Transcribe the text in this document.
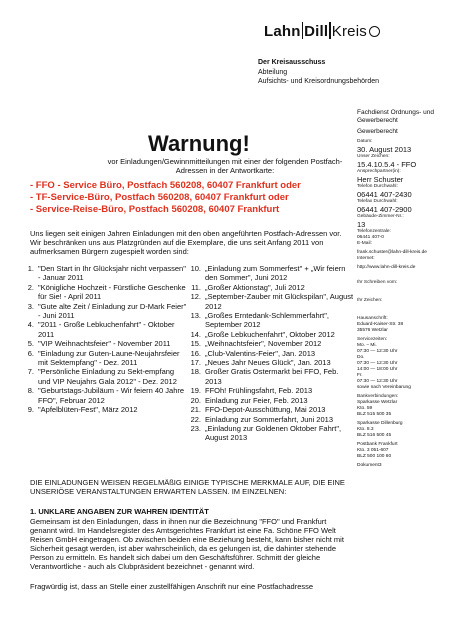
Lahn Dill Kreis
Der Kreisausschuss
Abteilung
Aufsichts- und Kreisordnungsbehörden
Fachdienst Ordnungs- und Gewerberecht
Gewerberecht
Datum:
30. August 2013
Unser Zeichen:
15.4.10.5.4 - FFO
Ansprechpartner(in):
Herr Schuster
Telefon Durchwahl:
06441 407-2430
Telefax Durchwahl:
06441 407-2900
Gebäude-Zimmer-Nr.:
13
Telefonzentrale:
06441 407-0
E-Mail:
frank.schuster@lahn-dill-kreis.de
Internet:
http://www.lahn-dill-kreis.de
Ihr Schreiben vom:
Ihr Zeichen:
Hausanschrift:
Eduard-Kaiser-Str. 38
35576 Wetzlar
Servicezeiten:
Mo. – Mi.
07:30 — 12:30 Uhr
Do.
07:30 — 12:30 Uhr
14:00 — 18:00 Uhr
Fr.
07:30 — 12:30 Uhr
sowie nach Vereinbarung
Bankverbindungen:
Sparkasse Wetzlar
Kto. 59
BLZ 515 500 35
Sparkasse Dillenburg
Kto. 8.3
BLZ 516 500 45
Postbank Frankfurt
Kto. 3 051-607
BLZ 500 100 60
Dokument3
Warnung!
vor Einladungen/Gewinnmitteilungen mit einer der folgenden Postfach-Adressen in der Antwortkarte:
- FFO - Service Büro, Postfach 560208, 60407 Frankfurt oder
- TF-Service-Büro, Postfach 560208, 60407 Frankfurt oder
- Service-Reise-Büro, Postfach 560208, 60407 Frankfurt
Uns liegen seit einigen Jahren Einladungen mit den oben angeführten Postfach-Adressen vor. Wir beschränken uns aus Platzgründen auf die Exemplare, die uns seit Anfang 2011 von aufmerksamen Bürgern zugespielt worden sind:
1. "Den Start in Ihr Glücksjahr nicht verpassen" - Januar 2011
2. "Königliche Hochzeit - Fürstliche Geschenke für Sie! - April 2011
3. "Gute alte Zeit / Einladung zur D-Mark Feier" - Juni 2011
4. "2011 - Große Lebkuchenfahrt" - Oktober 2011
5. "VIP Weihnachtsfeier" - November 2011
6. "Einladung zur Guten-Laune-Neujahrsfeier mit Sektempfang" - Dez. 2011
7. "Persönliche Einladung zu Sekt-empfang und VIP Neujahrs Gala 2012" - Dez. 2012
8. "Geburtstags-Jubiläum - Wir feiern 40 Jahre FFO", Februar 2012
9. "Apfelblüten-Fest", März 2012
10. „Einladung zum Sommerfest" + „Wir feiern den Sommer", Juni 2012
11. „Großer Aktionstag", Juli 2012
12. „September-Zauber mit Glückspilan", August 2012
13. „Großes Erntedank-Schlemmerfahrt", September 2012
14. „Große Lebkuchenfahrt", Oktober 2012
15. „Weihnachtsfeier", November 2012
16. „Club-Valentins-Feier", Jan. 2013
17. „Neues Jahr Neues Glück", Jan. 2013
18. Großer Gratis Ostermarkt bei FFO, Feb. 2013
19. FFOh! Frühlingsfahrt, Feb. 2013
20. Einladung zur Feier, Feb. 2013
21. FFO-Depot-Ausschüttung, Mai 2013
22. Einladung zur Sommerfahrt, Juni 2013
23. „Einladung zur Goldenen Oktober Fahrt", August 2013
DIE EINLADUNGEN WEISEN REGELMÄßIG EINIGE TYPISCHE MERKMALE AUF, DIE EINE UNSERIÖSE VERANSTALTUNGEN ERWARTEN LASSEN. IM EINZELNEN:
1. UNKLARE ANGABEN ZUR WAHREN IDENTITÄT
Gemeinsam ist den Einladungen, dass in ihnen nur die Bezeichnung "FFO" und Frankfurt genannt wird. Im Handelsregister des Amtsgerichtes Frankfurt ist eine Fa. Schöne FFO Welt Reisen GmbH eingetragen. Ob zwischen beiden eine Beziehung besteht, kann bisher nicht mit Sicherheit gesagt werden, ist aber wahrscheinlich, da es gelungen ist, die dahinter stehende Person zu ermitteln. Es handelt sich dabei um den Geschäftsführer. Schmitt der gleiche Verantwortliche - auch als Clubpräsident bezeichnet - genannt wird.
Fragwürdig ist, dass an Stelle einer zustellfähigen Anschrift nur eine Postfachadresse
